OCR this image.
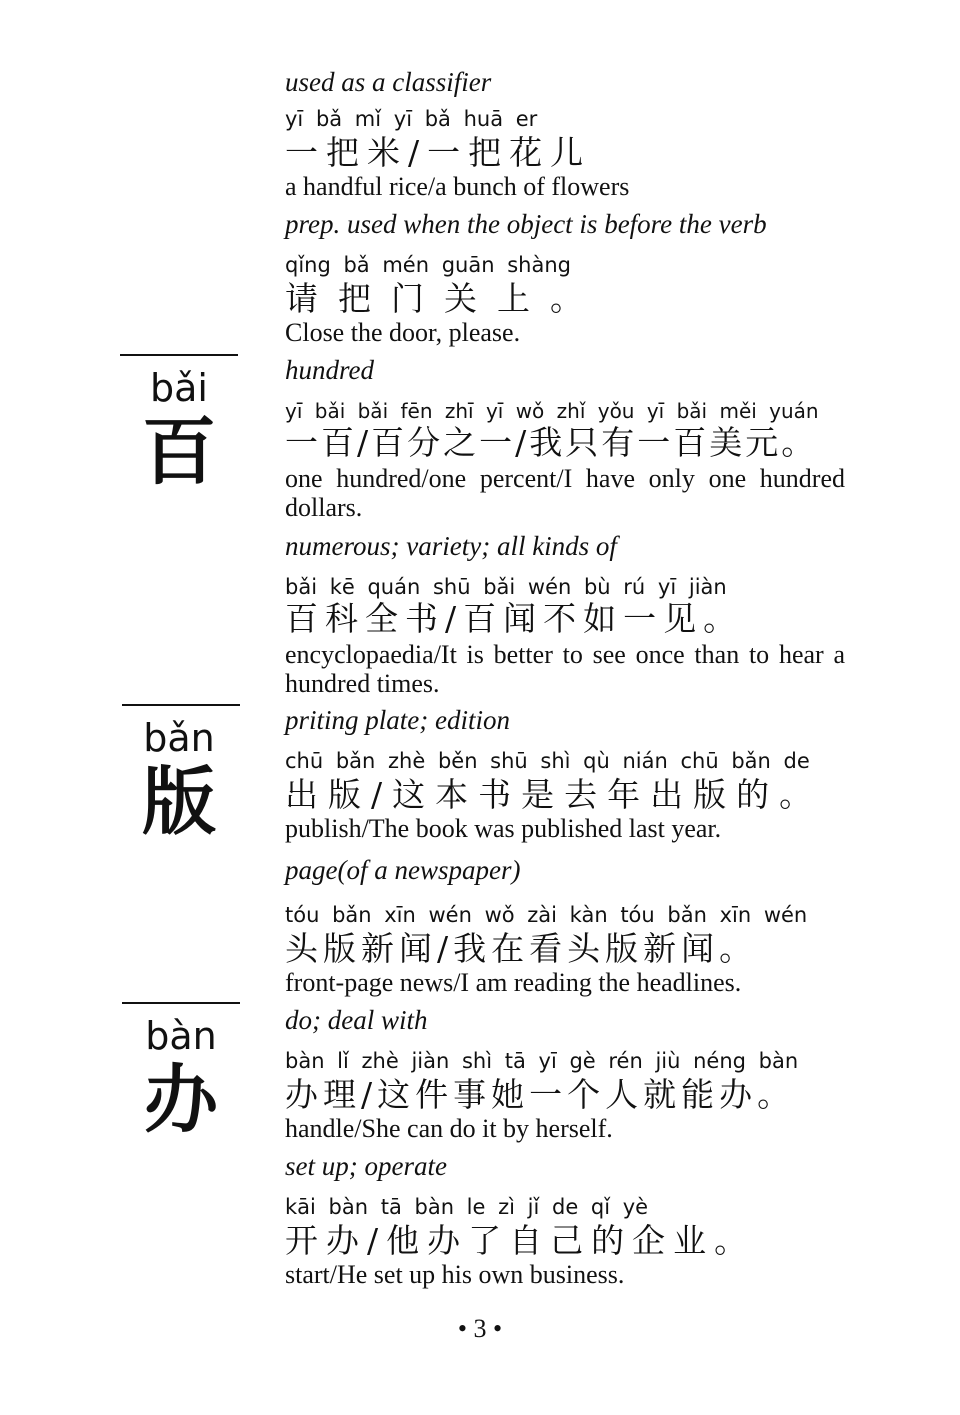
bǎi
百
bǎn
版
bàn
办
used as a classifier
yī bǎ mǐ yī bǎ huā er
一把米/一把花儿
a handful rice/a bunch of flowers
prep. used when the object is before the verb
qǐng bǎ mén guān shàng
请把门关上。
Close the door, please.
hundred
yī bǎi bǎi fēn zhī yī wǒ zhǐ yǒu yī bǎi měi yuán
一百/百分之一/我只有一百美元。
one hundred/one percent/I have only one hundred dollars.
numerous; variety; all kinds of
bǎi kē quán shū bǎi wén bù rú yī jiàn
百科全书/百闻不如一见。
encyclopaedia/It is better to see once than to hear a hundred times.
priting plate; edition
chū bǎn zhè běn shū shì qù nián chū bǎn de
出版/这本书是去年出版的。
publish/The book was published last year.
page(of a newspaper)
tóu bǎn xīn wén wǒ zài kàn tóu bǎn xīn wén
头版新闻/我在看头版新闻。
front-page news/I am reading the headlines.
do; deal with
bàn lǐ zhè jiàn shì tā yī gè rén jiù néng bàn
办理/这件事她一个人就能办。
handle/She can do it by herself.
set up; operate
kāi bàn tā bàn le zì jǐ de qǐ yè
开办/他办了自己的企业。
start/He set up his own business.
• 3 •
